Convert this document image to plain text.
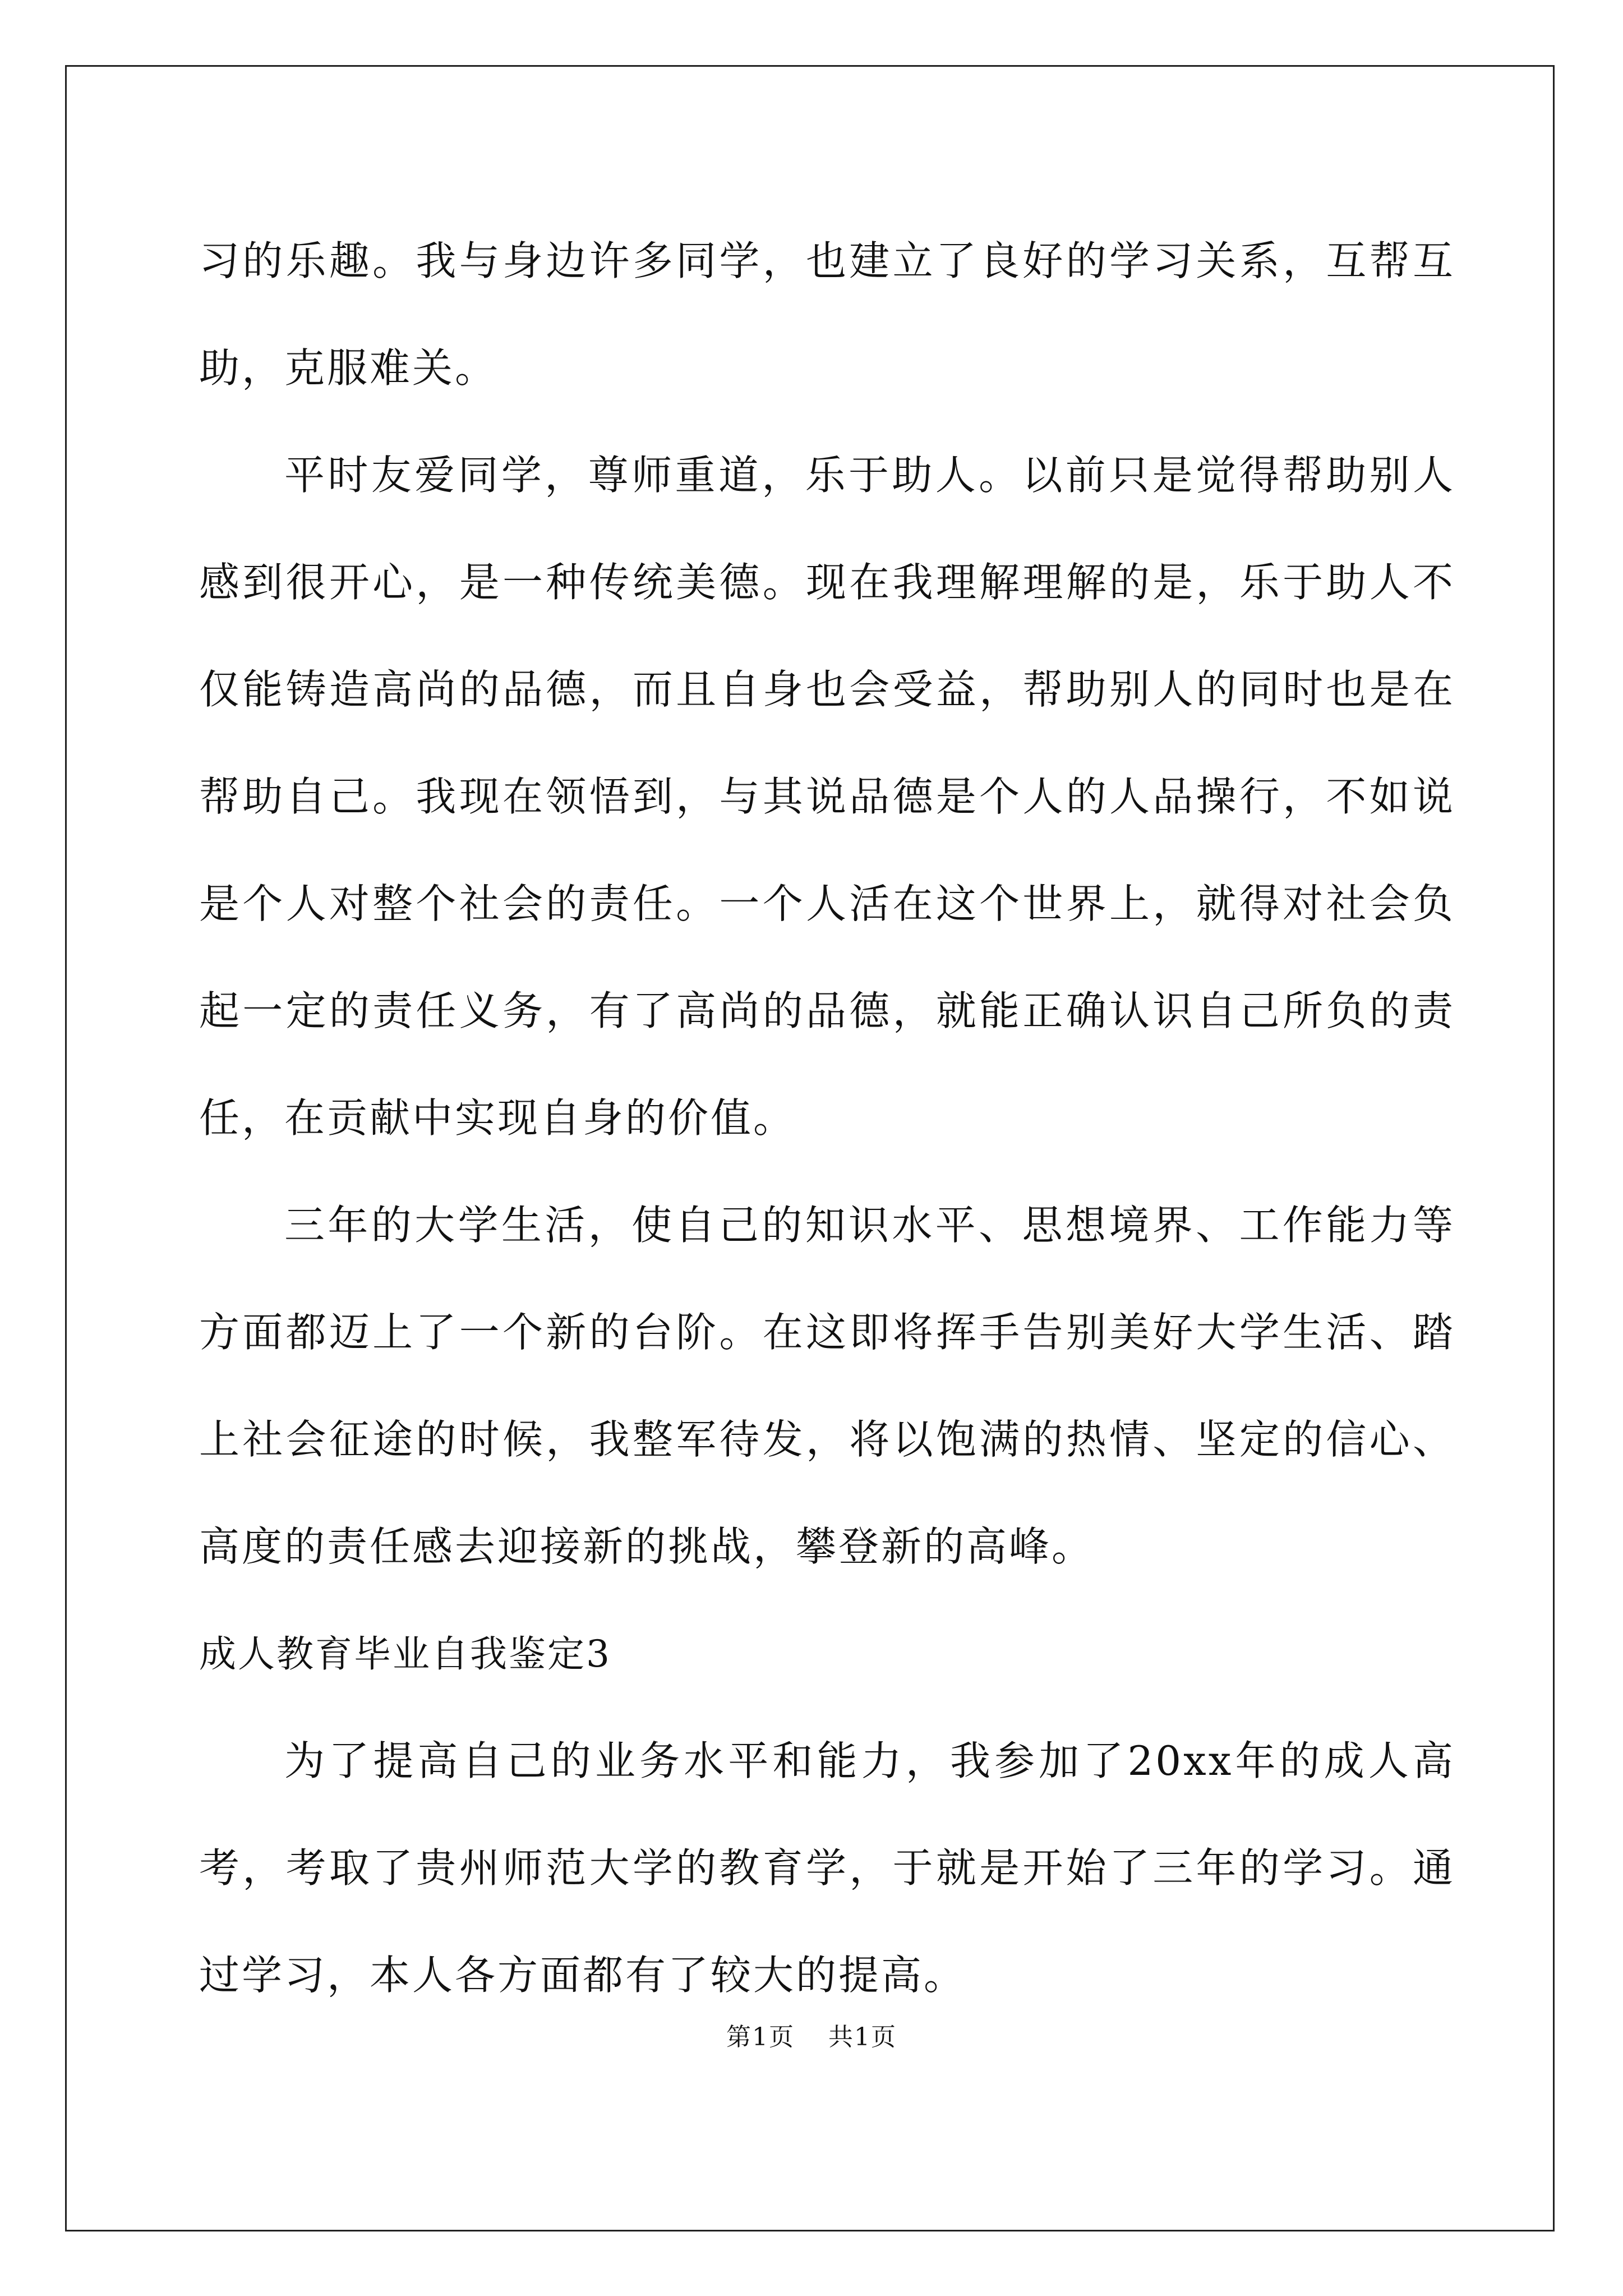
习的乐趣。我与身边许多同学，也建立了良好的学习关系，互帮互助，克服难关。

平时友爱同学，尊师重道，乐于助人。以前只是觉得帮助别人感到很开心，是一种传统美德。现在我理解理解的是，乐于助人不仅能铸造高尚的品德，而且自身也会受益，帮助别人的同时也是在帮助自己。我现在领悟到，与其说品德是个人的人品操行，不如说是个人对整个社会的责任。一个人活在这个世界上，就得对社会负起一定的责任义务，有了高尚的品德，就能正确认识自己所负的责任，在贡献中实现自身的价值。

三年的大学生活，使自己的知识水平、思想境界、工作能力等方面都迈上了一个新的台阶。在这即将挥手告别美好大学生活、踏上社会征途的时候，我整军待发，将以饱满的热情、坚定的信心、高度的责任感去迎接新的挑战，攀登新的高峰。

成人教育毕业自我鉴定3

为了提高自己的业务水平和能力，我参加了20xx年的成人高考，考取了贵州师范大学的教育学，于就是开始了三年的学习。通过学习，本人各方面都有了较大的提高。

第1页 共1页
